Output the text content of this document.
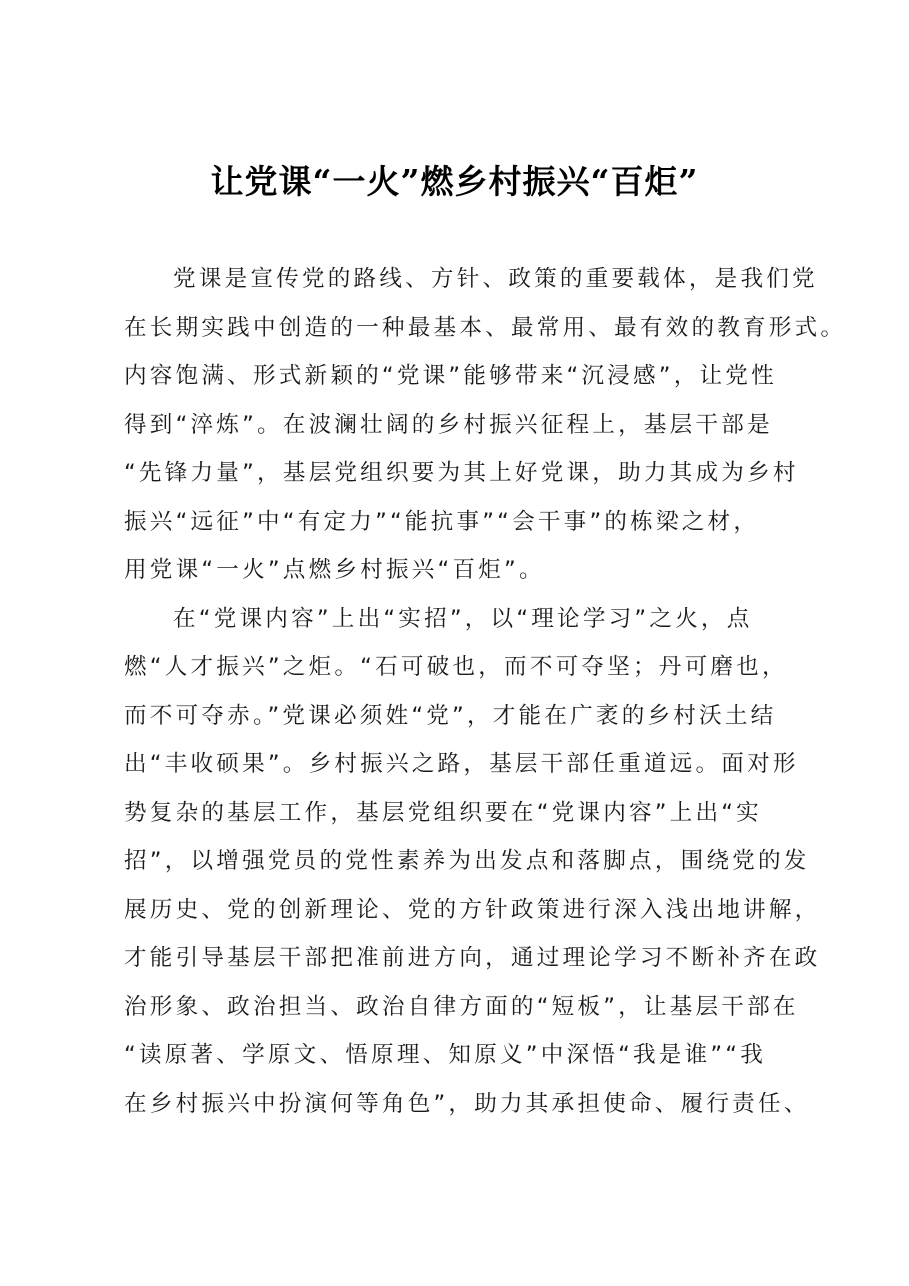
让党课“一火”燃乡村振兴“百炬”
党课是宣传党的路线、方针、政策的重要载体，是我们党
在长期实践中创造的一种最基本、最常用、最有效的教育形式。
内容饱满、形式新颖的“党课”能够带来“沉浸感”，让党性
得到“淬炼”。在波澜壮阔的乡村振兴征程上，基层干部是
“先锋力量”，基层党组织要为其上好党课，助力其成为乡村
振兴“远征”中“有定力”“能抗事”“会干事”的栋梁之材，
用党课“一火”点燃乡村振兴“百炬”。
在“党课内容”上出“实招”，以“理论学习”之火，点
燃“人才振兴”之炬。“石可破也，而不可夺坚；丹可磨也，
而不可夺赤。”党课必须姓“党”，才能在广袤的乡村沃土结
出“丰收硕果”。乡村振兴之路，基层干部任重道远。面对形
势复杂的基层工作，基层党组织要在“党课内容”上出“实
招”，以增强党员的党性素养为出发点和落脚点，围绕党的发
展历史、党的创新理论、党的方针政策进行深入浅出地讲解，
才能引导基层干部把准前进方向，通过理论学习不断补齐在政
治形象、政治担当、政治自律方面的“短板”，让基层干部在
“读原著、学原文、悟原理、知原义”中深悟“我是谁”“我
在乡村振兴中扮演何等角色”，助力其承担使命、履行责任、
